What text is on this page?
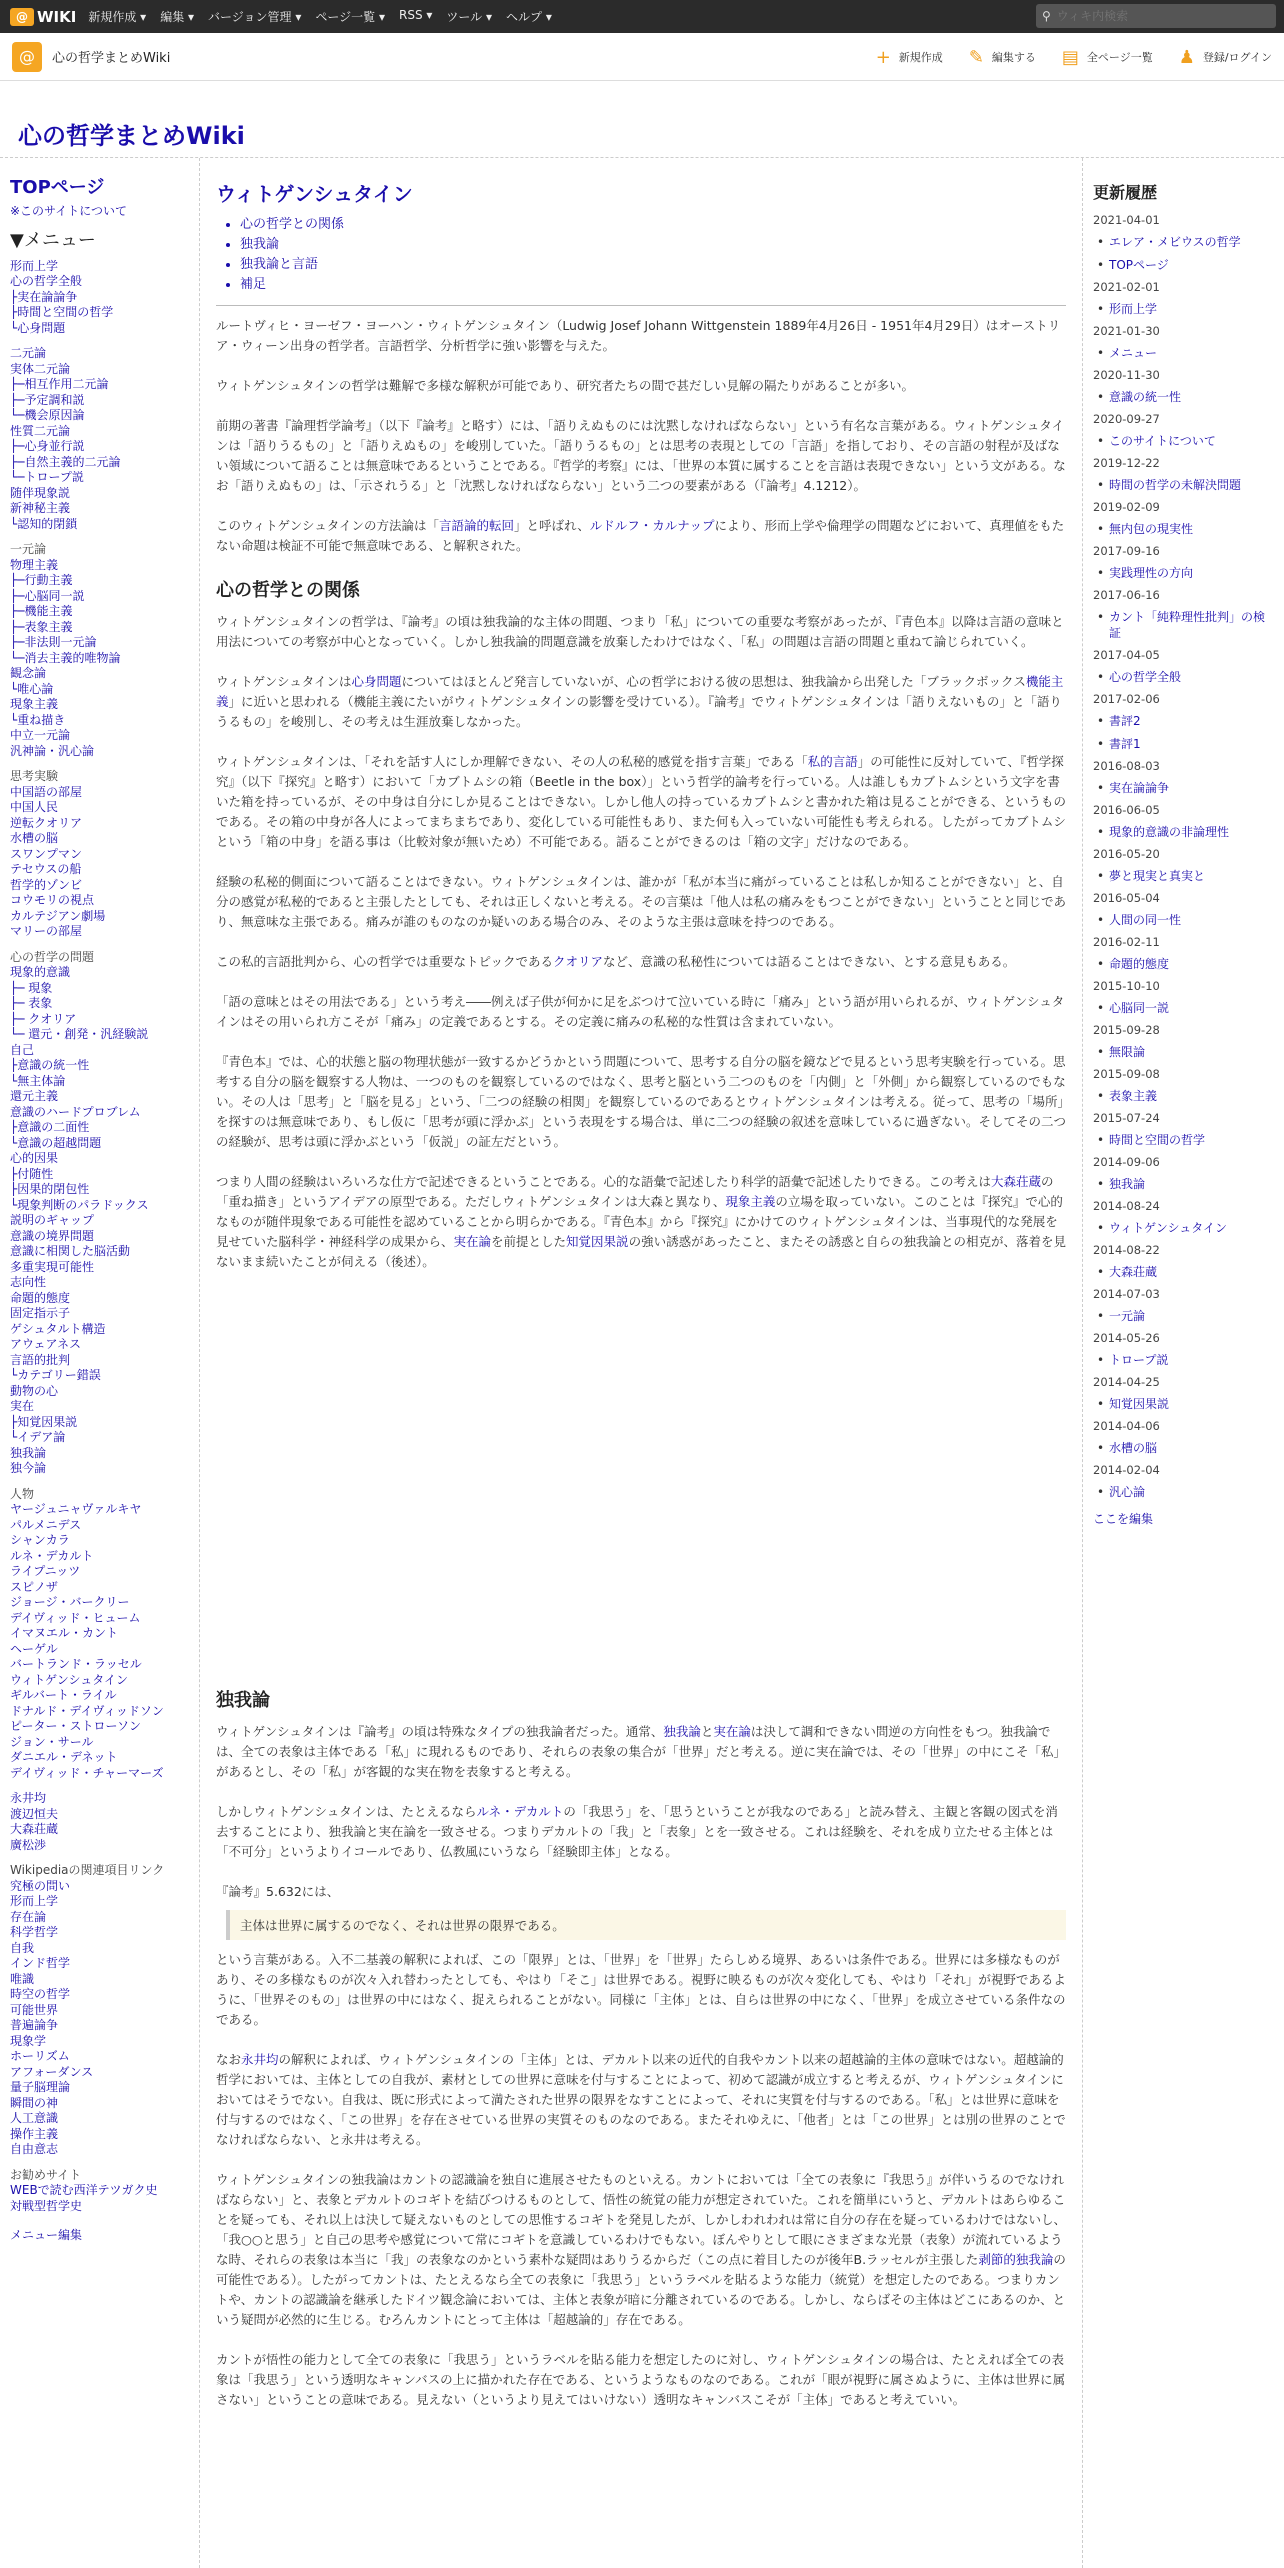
@ WIKI 新規作成 ▾ 編集 ▾ バージョン管理 ▾ ページ一覧 ▾ RSS ▾ ツール ▾ ヘルプ ▾	⚲
ウィキ内検索
@	心の哲学まとめWiki	+ 新規作成 ✎ 編集する ▤ 全ページ一覧 ♟ 登録/ログイン
心の哲学まとめWiki
TOPページ
※このサイトについて
▼メニュー
形而上学
心の哲学全般
├実在論論争
├時間と空間の哲学
└心身問題
二元論
実体二元論
├─相互作用二元論
├─予定調和説
└─機会原因論
性質二元論
├─心身並行説
├─自然主義的二元論
└─トロープ説
随伴現象説
新神秘主義
└認知的閉鎖
一元論
物理主義
├─行動主義
├─心脳同一説
├─機能主義
├─表象主義
├─非法則一元論
└─消去主義的唯物論
観念論
└唯心論
現象主義
└重ね描き
中立一元論
汎神論・汎心論
思考実験
中国語の部屋
中国人民
逆転クオリア
水槽の脳
スワンプマン
テセウスの船
哲学的ゾンビ
コウモリの視点
カルテジアン劇場
マリーの部屋
心の哲学の問題
現象的意識
├─ 現象
├─ 表象
├─ クオリア
└─ 還元・創発・汎経験説
自己
├意識の統一性
└無主体論
還元主義
意識のハードプロブレム
├意識の二面性
└意識の超越問題
心的因果
├付随性
├因果的閉包性
└現象判断のパラドックス
説明のギャップ
意識の境界問題
意識に相関した脳活動
多重実現可能性
志向性
命題的態度
固定指示子
ゲシュタルト構造
アウェアネス
言語的批判
└カテゴリー錯誤
動物の心
実在
├知覚因果説
└イデア論
独我論
独今論
人物
ヤージュニャヴァルキヤ
パルメニデス
シャンカラ
ルネ・デカルト
ライプニッツ
スピノザ
ジョージ・バークリー
デイヴィッド・ヒューム
イマヌエル・カント
ヘーゲル
バートランド・ラッセル
ウィトゲンシュタイン
ギルバート・ライル
ドナルド・デイヴィッドソン
ピーター・ストローソン
ジョン・サール
ダニエル・デネット
デイヴィッド・チャーマーズ
永井均
渡辺恒夫
大森荘蔵
廣松渉
Wikipediaの関連項目リンク
究極の問い
形而上学
存在論
科学哲学
自我
インド哲学
唯識
時空の哲学
可能世界
普遍論争
現象学
ホーリズム
アフォーダンス
量子脳理論
瞬間の神
人工意識
操作主義
自由意志
お勧めサイト
WEBで読む西洋テツガク史
対戦型哲学史
メニュー編集
ウィトゲンシュタイン
• 心の哲学との関係
• 独我論
• 独我論と言語
• 補足

ルートヴィヒ・ヨーゼフ・ヨーハン・ウィトゲンシュタイン（Ludwig Josef Johann Wittgenstein 1889年4月26日 - 1951年4月29日）はオーストリア・ウィーン出身の哲学者。言語哲学、分析哲学に強い影響を与えた。

ウィトゲンシュタインの哲学は難解で多様な解釈が可能であり、研究者たちの間で甚だしい見解の隔たりがあることが多い。

前期の著書『論理哲学論考』（以下『論考』と略す）には、「語りえぬものには沈黙しなければならない」という有名な言葉がある。ウィトゲンシュタインは「語りうるもの」と「語りえぬもの」を峻別していた。「語りうるもの」とは思考の表現としての「言語」を指しており、その言語の射程が及ばない領域について語ることは無意味であるということである。『哲学的考察』には、「世界の本質に属することを言語は表現できない」という文がある。なお「語りえぬもの」は、「示されうる」と「沈黙しなければならない」という二つの要素がある（『論考』4.1212）。

このウィトゲンシュタインの方法論は「言語論的転回」と呼ばれ、ルドルフ・カルナップにより、形而上学や倫理学の問題などにおいて、真理値をもたない命題は検証不可能で無意味である、と解釈された。

心の哲学との関係

ウィトゲンシュタインの哲学は、『論考』の頃は独我論的な主体の問題、つまり「私」についての重要な考察があったが、『青色本』以降は言語の意味と用法についての考察が中心となっていく。しかし独我論的問題意識を放棄したわけではなく、「私」の問題は言語の問題と重ねて論じられていく。

ウィトゲンシュタインは心身問題についてはほとんど発言していないが、心の哲学における彼の思想は、独我論から出発した「ブラックボックス機能主義」に近いと思われる（機能主義にたいがウィトゲンシュタインの影響を受けている）。『論考』でウィトゲンシュタインは「語りえないもの」と「語りうるもの」を峻別し、その考えは生涯放棄しなかった。

ウィトゲンシュタインは、「それを話す人にしか理解できない、その人の私秘的感覚を指す言葉」である「私的言語」の可能性に反対していて、『哲学探究』（以下『探究』と略す）において「カブトムシの箱（Beetle in the box）」という哲学的論考を行っている。人は誰しもカブトムシという文字を書いた箱を持っているが、その中身は自分にしか見ることはできない。しかし他人の持っているカブトムシと書かれた箱は見ることができる、というものである。その箱の中身が各人によってまちまちであり、変化している可能性もあり、また何も入っていない可能性も考えられる。したがってカブトムシという「箱の中身」を語る事は（比較対象が無いため）不可能である。語ることができるのは「箱の文字」だけなのである。

経験の私秘的側面について語ることはできない。ウィトゲンシュタインは、誰かが「私が本当に痛がっていることは私しか知ることができない」と、自分の感覚が私秘的であると主張したとしても、それは正しくないと考える。その言葉は「他人は私の痛みをもつことができない」ということと同じであり、無意味な主張である。痛みが誰のものなのか疑いのある場合のみ、そのような主張は意味を持つのである。

この私的言語批判から、心の哲学では重要なトピックであるクオリアなど、意識の私秘性については語ることはできない、とする意見もある。

「語の意味とはその用法である」という考え――例えば子供が何かに足をぶつけて泣いている時に「痛み」という語が用いられるが、ウィトゲンシュタインはその用いられ方こそが「痛み」の定義であるとする。その定義に痛みの私秘的な性質は含まれていない。

『青色本』では、心的状態と脳の物理状態が一致するかどうかという問題について、思考する自分の脳を鏡などで見るという思考実験を行っている。思考する自分の脳を観察する人物は、一つのものを観察しているのではなく、思考と脳という二つのものを「内側」と「外側」から観察しているのでもない。その人は「思考」と「脳を見る」という、「二つの経験の相関」を観察しているのであるとウィトゲンシュタインは考える。従って、思考の「場所」を探すのは無意味であり、もし仮に「思考が頭に浮かぶ」という表現をする場合は、単に二つの経験の叙述を意味しているに過ぎない。そしてその二つの経験が、思考は頭に浮かぶという「仮説」の証左だという。

つまり人間の経験はいろいろな仕方で記述できるということである。心的な語彙で記述したり科学的語彙で記述したりできる。この考えは大森荘蔵の「重ね描き」というアイデアの原型である。ただしウィトゲンシュタインは大森と異なり、現象主義の立場を取っていない。このことは『探究』で心的なものが随伴現象である可能性を認めていることから明らかである。『青色本』から『探究』にかけてのウィトゲンシュタインは、当事現代的な発展を見せていた脳科学・神経科学の成果から、実在論を前提とした知覚因果説の強い誘惑があったこと、またその誘惑と自らの独我論との相克が、落着を見ないまま続いたことが伺える（後述）。

独我論

ウィトゲンシュタインは『論考』の頃は特殊なタイプの独我論者だった。通常、独我論と実在論は決して調和できない問逆の方向性をもつ。独我論では、全ての表象は主体である「私」に現れるものであり、それらの表象の集合が「世界」だと考える。逆に実在論では、その「世界」の中にこそ「私」があるとし、その「私」が客観的な実在物を表象すると考える。

しかしウィトゲンシュタインは、たとえるならルネ・デカルトの「我思う」を、「思うということが我なのである」と読み替え、主観と客観の図式を消去することにより、独我論と実在論を一致させる。つまりデカルトの「我」と「表象」とを一致させる。これは経験を、それを成り立たせる主体とは「不可分」というよりイコールであり、仏教風にいうなら「経験即主体」となる。

『論考』5.632には、

主体は世界に属するのでなく、それは世界の限界である。

という言葉がある。入不二基義の解釈によれば、この「限界」とは、「世界」を「世界」たらしめる境界、あるいは条件である。世界には多様なものがあり、その多様なものが次々入れ替わったとしても、やはり「そこ」は世界である。視野に映るものが次々変化しても、やはり「それ」が視野であるように、「世界そのもの」は世界の中にはなく、捉えられることがない。同様に「主体」とは、自らは世界の中になく、「世界」を成立させている条件なのである。

なお永井均の解釈によれば、ウィトゲンシュタインの「主体」とは、デカルト以来の近代的自我やカント以来の超越論的主体の意味ではない。超越論的哲学においては、主体としての自我が、素材としての世界に意味を付与することによって、初めて認識が成立すると考えるが、ウィトゲンシュタインにおいてはそうでない。自我は、既に形式によって満たされた世界の限界をなすことによって、それに実質を付与するのである。「私」とは世界に意味を付与するのではなく、「この世界」を存在させている世界の実質そのものなのである。またそれゆえに、「他者」とは「この世界」とは別の世界のことでなければならない、と永井は考える。

ウィトゲンシュタインの独我論はカントの認識論を独自に進展させたものといえる。カントにおいては「全ての表象に『我思う』が伴いうるのでなければならない」と、表象とデカルトのコギトを結びつけるものとして、悟性の統覚の能力が想定されていた。これを簡単にいうと、デカルトはあらゆることを疑っても、それ以上は決して疑えないものとしての思惟するコギトを発見したが、しかしわれわれは常に自分の存在を疑っているわけではないし、「我○○と思う」と自己の思考や感覚について常にコギトを意識しているわけでもない。ぼんやりとして眼にさまざまな光景（表象）が流れているような時、それらの表象は本当に「我」の表象なのかという素朴な疑問はありうるからだ（この点に着目したのが後年B.ラッセルが主張した剥節的独我論の可能性である）。したがってカントは、たとえるなら全ての表象に「我思う」というラベルを貼るような能力（統覚）を想定したのである。つまりカントや、カントの認識論を継承したドイツ観念論においては、主体と表象が暗に分離されているのである。しかし、ならばその主体はどこにあるのか、という疑問が必然的に生じる。むろんカントにとって主体は「超越論的」存在である。

カントが悟性の能力として全ての表象に「我思う」というラベルを貼る能力を想定したのに対し、ウィトゲンシュタインの場合は、たとえれば全ての表象は「我思う」という透明なキャンバスの上に描かれた存在である、というようなものなのである。これが「眼が視野に属さぬように、主体は世界に属さない」ということの意味である。見えない（というより見えてはいけない）透明なキャンバスこそが「主体」であると考えていい。

更新履歴
2021-04-01
• エレア・メビウスの哲学
• TOPページ
2021-02-01
• 形而上学
2021-01-30
• メニュー
2020-11-30
• 意識の統一性
2020-09-27
• このサイトについて
2019-12-22
• 時間の哲学の未解決問題
2019-02-09
• 無内包の現実性
2017-09-16
• 実践理性の方向
2017-06-16
• カント「純粋理性批判」の検証
2017-04-05
• 心の哲学全般
2017-02-06
• 書評2
• 書評1
2016-08-03
• 実在論論争
2016-06-05
• 現象的意識の非論理性
2016-05-20
• 夢と現実と真実と
2016-05-04
• 人間の同一性
2016-02-11
• 命題的態度
2015-10-10
• 心脳同一説
2015-09-28
• 無限論
2015-09-08
• 表象主義
2015-07-24
• 時間と空間の哲学
2014-09-06
• 独我論
2014-08-24
• ウィトゲンシュタイン
2014-08-22
• 大森荘蔵
2014-07-03
• 一元論
2014-05-26
• トロープ説
2014-04-25
• 知覚因果説
2014-04-06
• 水槽の脳
2014-02-04
• 汎心論
ここを編集
